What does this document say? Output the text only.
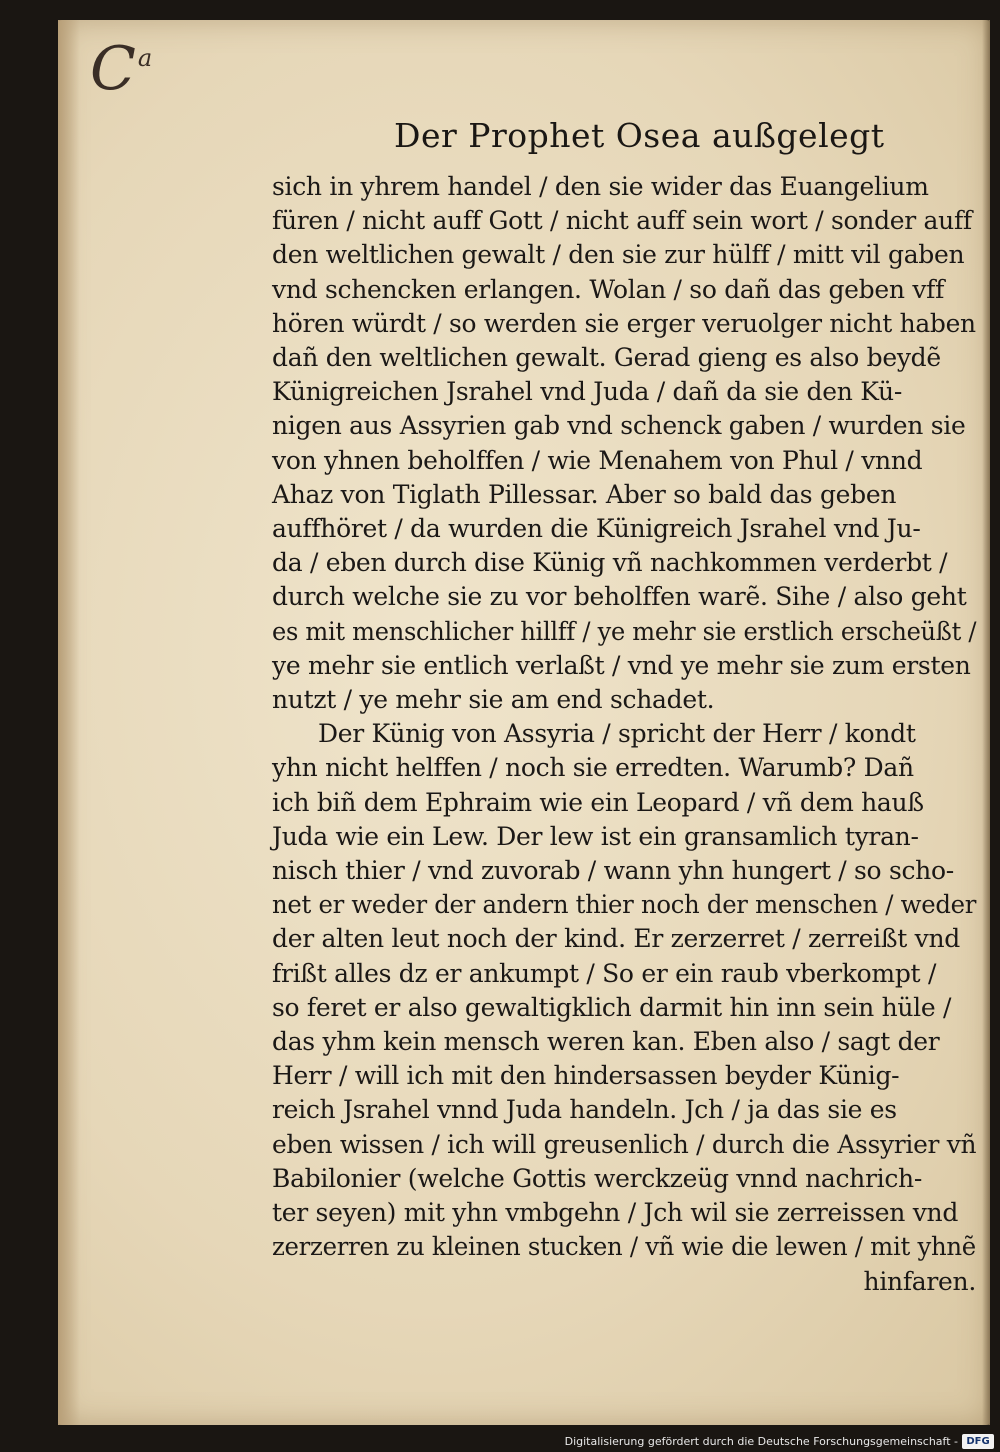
$C^a$
Der Prophet Osea außgelegt
sich in yhrem handel / den sie wider das Euangelium
füren / nicht auff Gott / nicht auff sein wort / sonder auff
den weltlichen gewalt / den sie zur hülff / mitt vil gaben
vnd schencken erlangen. Wolan / so dañ das geben vff
hören würdt / so werden sie erger veruolger nicht haben
dañ den weltlichen gewalt. Gerad gieng es also beydẽ
Künigreichen Jsrahel vnd Juda / dañ da sie den Kü-
nigen aus Assyrien gab vnd schenck gaben / wurden sie
von yhnen beholffen / wie Menahem von Phul / vnnd
Ahaz von Tiglath Pillessar. Aber so bald das geben
auffhöret / da wurden die Künigreich Jsrahel vnd Ju-
da / eben durch dise Künig vñ nachkommen verderbt /
durch welche sie zu vor beholffen warẽ. Sihe / also geht
es mit menschlicher hillff / ye mehr sie erstlich erscheüßt /
ye mehr sie entlich verlaßt / vnd ye mehr sie zum ersten
nutzt / ye mehr sie am end schadet.
Der Künig von Assyria / spricht der Herr / kondt
yhn nicht helffen / noch sie erredten. Warumb? Dañ
ich biñ dem Ephraim wie ein Leopard / vñ dem hauß
Juda wie ein Lew. Der lew ist ein gransamlich tyran-
nisch thier / vnd zuvorab / wann yhn hungert / so scho-
net er weder der andern thier noch der menschen / weder
der alten leut noch der kind. Er zerzerret / zerreißt vnd
frißt alles dz er ankumpt / So er ein raub vberkompt /
so feret er also gewaltigklich darmit hin inn sein hüle /
das yhm kein mensch weren kan. Eben also / sagt der
Herr / will ich mit den hindersassen beyder Künig-
reich Jsrahel vnnd Juda handeln. Jch / ja das sie es
eben wissen / ich will greusenlich / durch die Assyrier vñ
Babilonier (welche Gottis werckzeüg vnnd nachrich-
ter seyen) mit yhn vmbgehn / Jch wil sie zerreissen vnd
zerzerren zu kleinen stucken / vñ wie die lewen / mit yhnẽ
hinfaren.
Digitalisierung gefördert durch die Deutsche Forschungsgemeinschaft - DFG
